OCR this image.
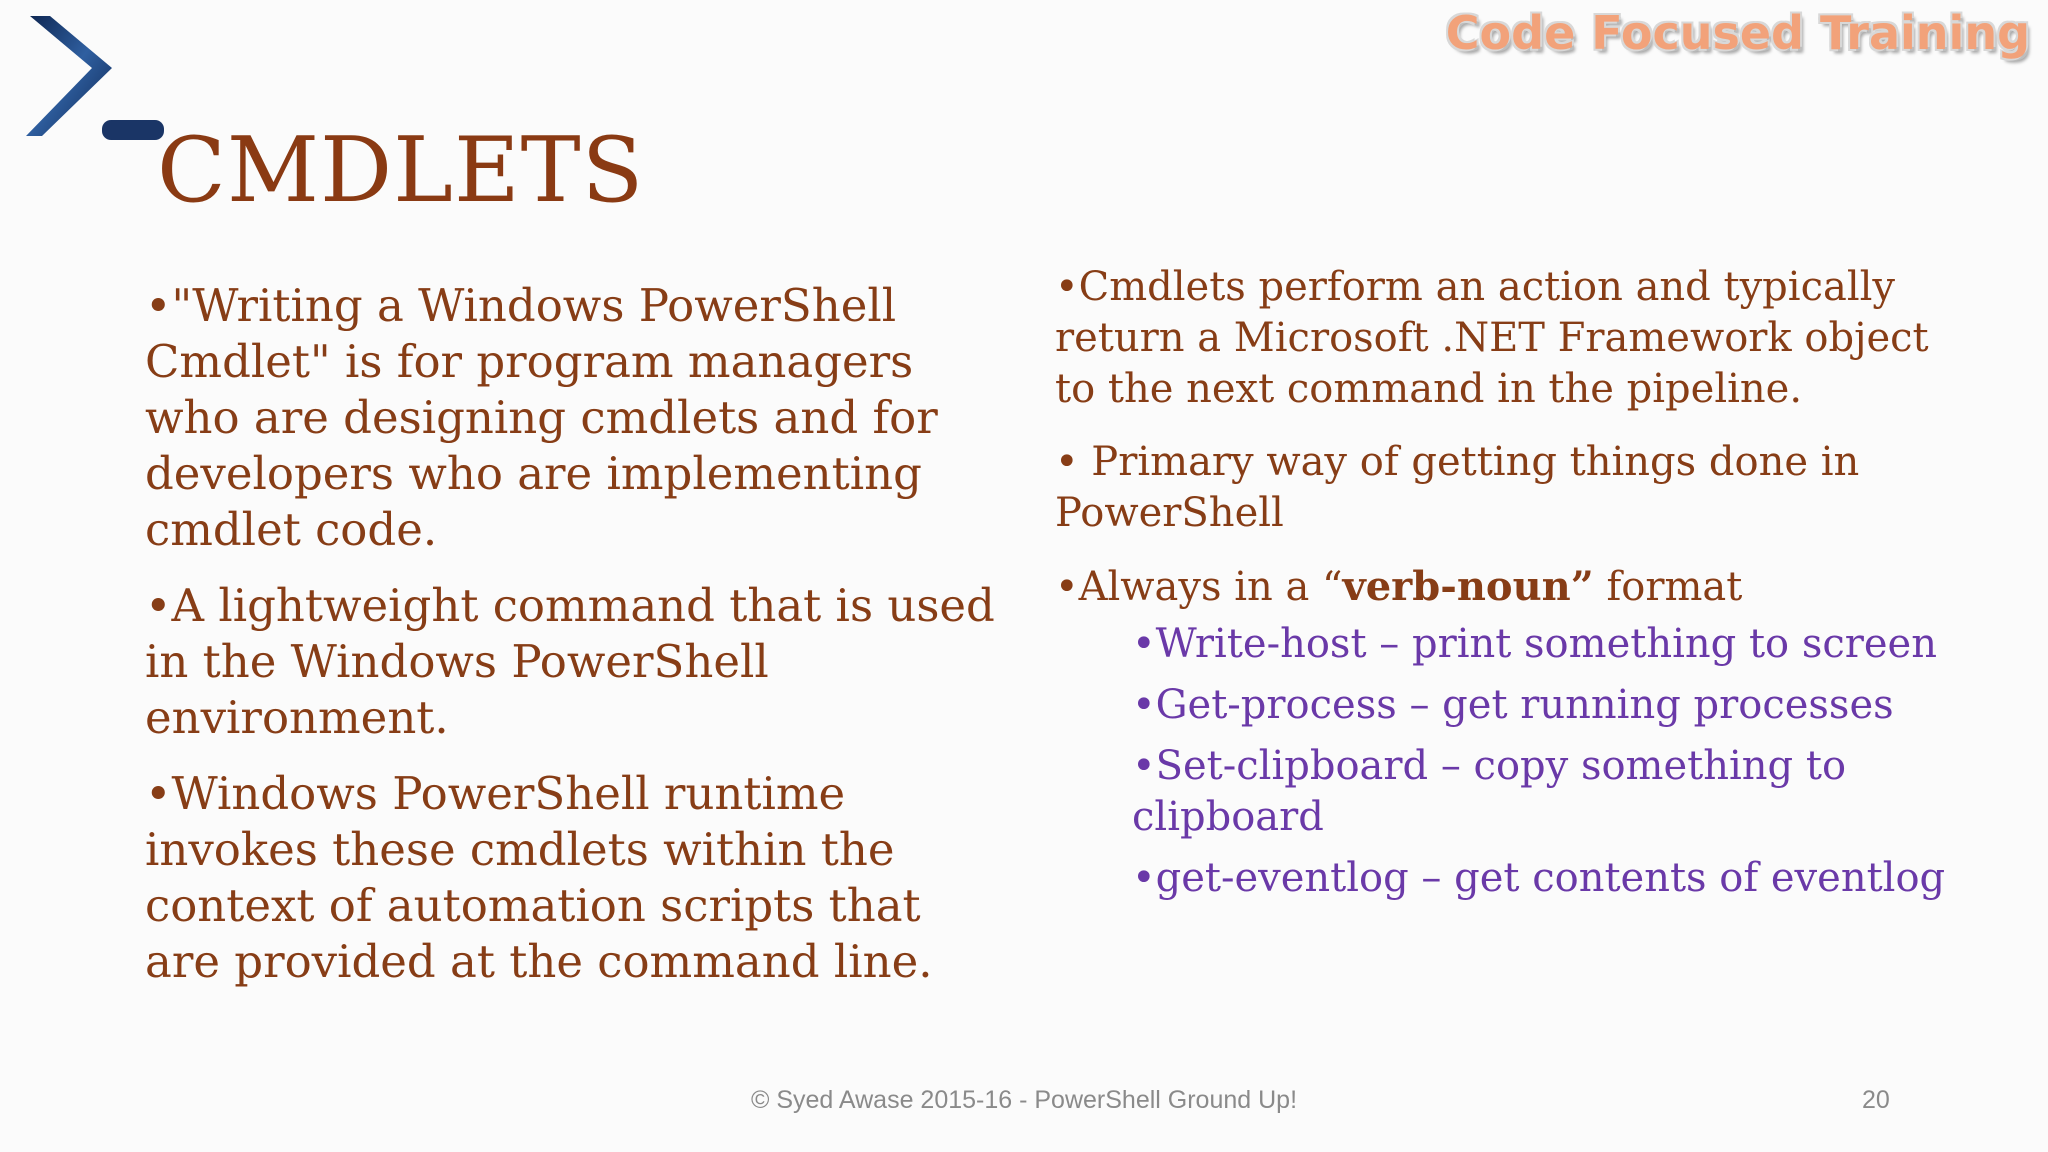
Code Focused Training
CMDLETS

•"Writing a Windows PowerShell Cmdlet" is for program managers who are designing cmdlets and for developers who are implementing cmdlet code.

•A lightweight command that is used in the Windows PowerShell environment.

•Windows PowerShell runtime invokes these cmdlets within the context of automation scripts that are provided at the command line.

•Cmdlets perform an action and typically return a Microsoft .NET Framework object to the next command in the pipeline.

• Primary way of getting things done in PowerShell

•Always in a “verb-noun” format

•Write-host – print something to screen

•Get-process – get running processes

•Set-clipboard – copy something to clipboard

•get-eventlog – get contents of eventlog

© Syed Awase 2015-16 - PowerShell Ground Up!	20
